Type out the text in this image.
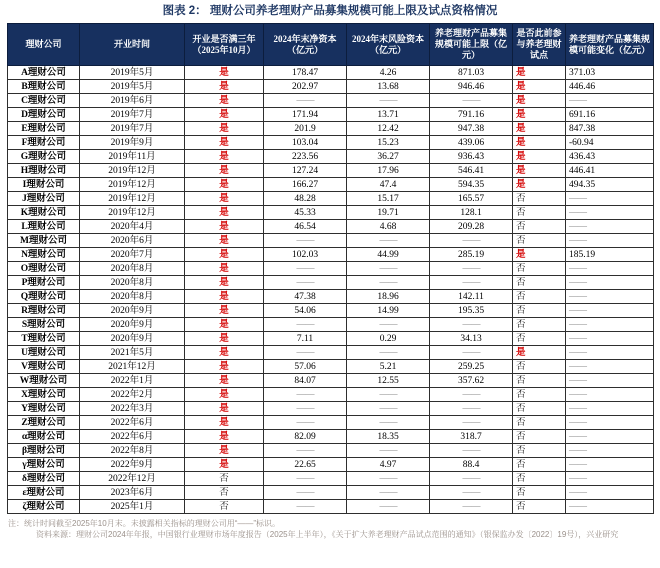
图表 2： 理财公司养老理财产品募集规模可能上限及试点资格情况
理财公司	开业时间	开业是否满三年（2025年10月）	2024年末净资本（亿元）	2024年末风险资本（亿元）	养老理财产品募集规模可能上限（亿元）	是否此前参与养老理财试点	养老理财产品募集规模可能变化（亿元）
A理财公司	2019年5月	是	178.47	4.26	871.03	是	371.03
B理财公司	2019年5月	是	202.97	13.68	946.46	是	446.46
C理财公司	2019年6月	是	——	——	——	是	——
D理财公司	2019年7月	是	171.94	13.71	791.16	是	691.16
E理财公司	2019年7月	是	201.9	12.42	947.38	是	847.38
F理财公司	2019年9月	是	103.04	15.23	439.06	是	-60.94
G理财公司	2019年11月	是	223.56	36.27	936.43	是	436.43
H理财公司	2019年12月	是	127.24	17.96	546.41	是	446.41
I理财公司	2019年12月	是	166.27	47.4	594.35	是	494.35
J理财公司	2019年12月	是	48.28	15.17	165.57	否	——
K理财公司	2019年12月	是	45.33	19.71	128.1	否	——
L理财公司	2020年4月	是	46.54	4.68	209.28	否	——
M理财公司	2020年6月	是	——	——	——	否	——
N理财公司	2020年7月	是	102.03	44.99	285.19	是	185.19
O理财公司	2020年8月	是	——	——	——	否	——
P理财公司	2020年8月	是	——	——	——	否	——
Q理财公司	2020年8月	是	47.38	18.96	142.11	否	——
R理财公司	2020年9月	是	54.06	14.99	195.35	否	——
S理财公司	2020年9月	是	——	——	——	否	——
T理财公司	2020年9月	是	7.11	0.29	34.13	否	——
U理财公司	2021年5月	是	——	——	——	是	——
V理财公司	2021年12月	是	57.06	5.21	259.25	否	——
W理财公司	2022年1月	是	84.07	12.55	357.62	否	——
X理财公司	2022年2月	是	——	——	——	否	——
Y理财公司	2022年3月	是	——	——	——	否	——
Z理财公司	2022年6月	是	——	——	——	否	——
α理财公司	2022年6月	是	82.09	18.35	318.7	否	——
β理财公司	2022年8月	是	——	——	——	否	——
γ理财公司	2022年9月	是	22.65	4.97	88.4	否	——
δ理财公司	2022年12月	否	——	——	——	否	——
ε理财公司	2023年6月	否	——	——	——	否	——
ζ理财公司	2025年1月	否	——	——	——	否	——
注：统计时间截至2025年10月末。未披露相关指标的理财公司用“——”标识。
资料来源：理财公司2024年年报，中国银行业理财市场年度报告（2025年上半年），《关于扩大养老理财产品试点范围的通知》（银保监办发〔2022〕19号），兴业研究
